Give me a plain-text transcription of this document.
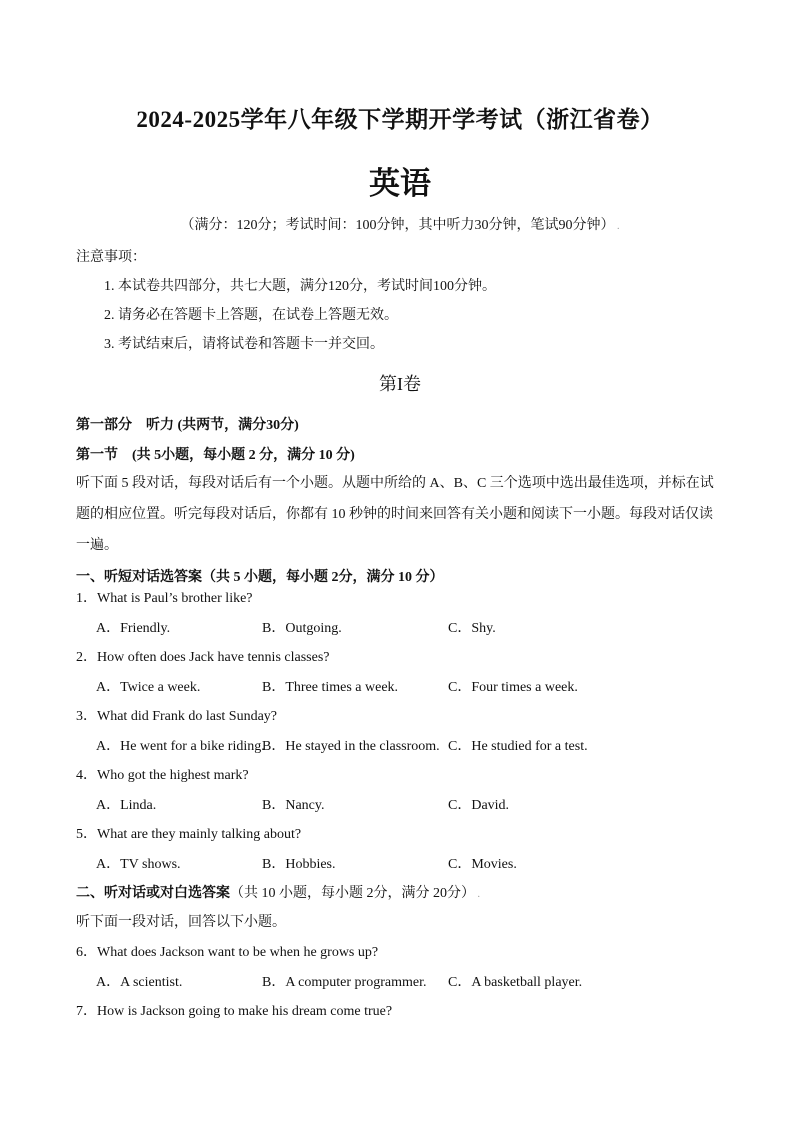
2024-2025学年八年级下学期开学考试（浙江省卷）
英语
（满分：120分；考试时间：100分钟，其中听力30分钟，笔试90分钟） .
注意事项：
1. 本试卷共四部分，共七大题，满分120分，考试时间100分钟。
2. 请务必在答题卡上答题，在试卷上答题无效。
3. 考试结束后，请将试卷和答题卡一并交回。
第I卷
第一部分　听力 (共两节，满分30分)
第一节　(共 5小题，每小题 2 分，满分 10 分)
听下面 5 段对话，每段对话后有一个小题。从题中所给的 A、B、C 三个选项中选出最佳选项，并标在试题的相应位置。听完每段对话后，你都有 10 秒钟的时间来回答有关小题和阅读下一小题。每段对话仅读一遍。
一、听短对话选答案（共 5 小题，每小题 2分，满分 10 分）
1．What is Paul’s brother like?
A．Friendly.	B．Outgoing.	C．Shy.
2．How often does Jack have tennis classes?
A．Twice a week.	B．Three times a week.	C．Four times a week.
3．What did Frank do last Sunday?
A．He went for a bike riding.
B．He stayed in the classroom. C．He studied for a test.
4．Who got the highest mark?
A．Linda.	B．Nancy.	C．David.
5．What are they mainly talking about?
A．TV shows.	B．Hobbies.	C．Movies.
二、听对话或对白选答案（共 10 小题，每小题 2分，满分 20分） .
听下面一段对话，回答以下小题。
6．What does Jackson want to be when he grows up?
A．A scientist.	B．A computer programmer. C．A basketball player.
7．How is Jackson going to make his dream come true?
